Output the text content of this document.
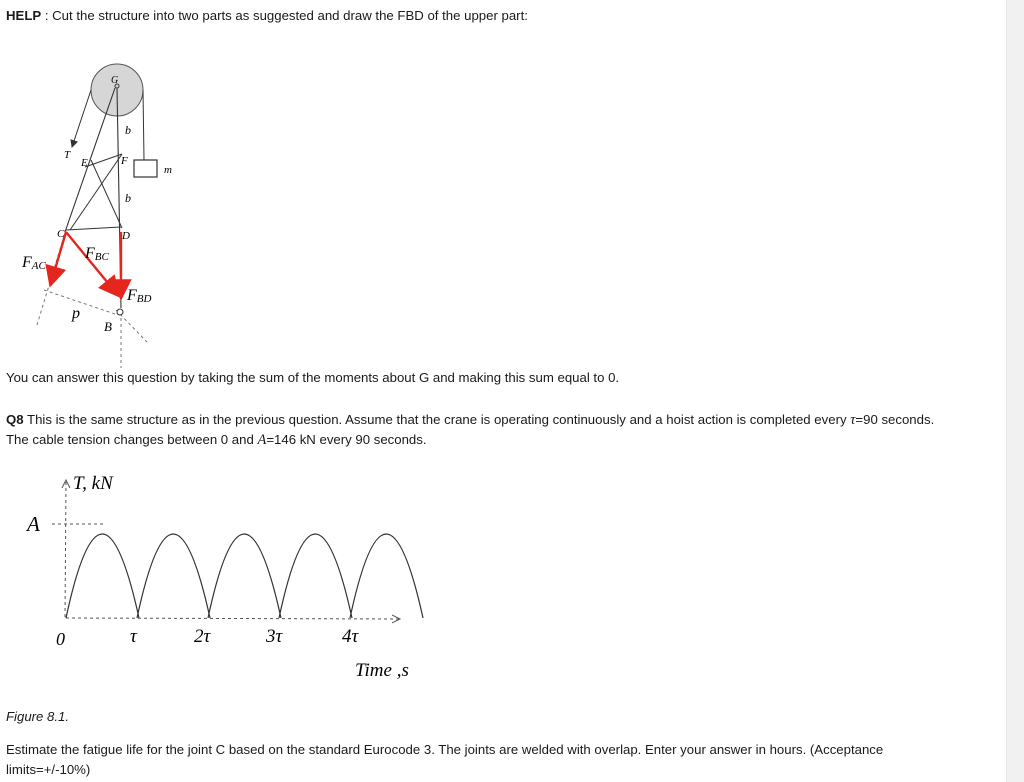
HELP : Cut the structure into two parts as suggested and draw the FBD of the upper part:
G
b
T
E	F
m
b
C	D
FAC
FBC
FBD
p
B
You can answer this question by taking the sum of the moments about G and making this sum equal to 0.
Q8 This is the same structure as in the previous question. Assume that the crane is operating continuously and a hoist action is completed every τ=90 seconds. The cable tension changes between 0 and A=146 kN every 90 seconds.
T, kN
A
0	τ	2τ	3τ	4τ
Time ,s
Figure 8.1.
Estimate the fatigue life for the joint C based on the standard Eurocode 3. The joints are welded with overlap. Enter your answer in hours. (Acceptance limits=+/-10%)
